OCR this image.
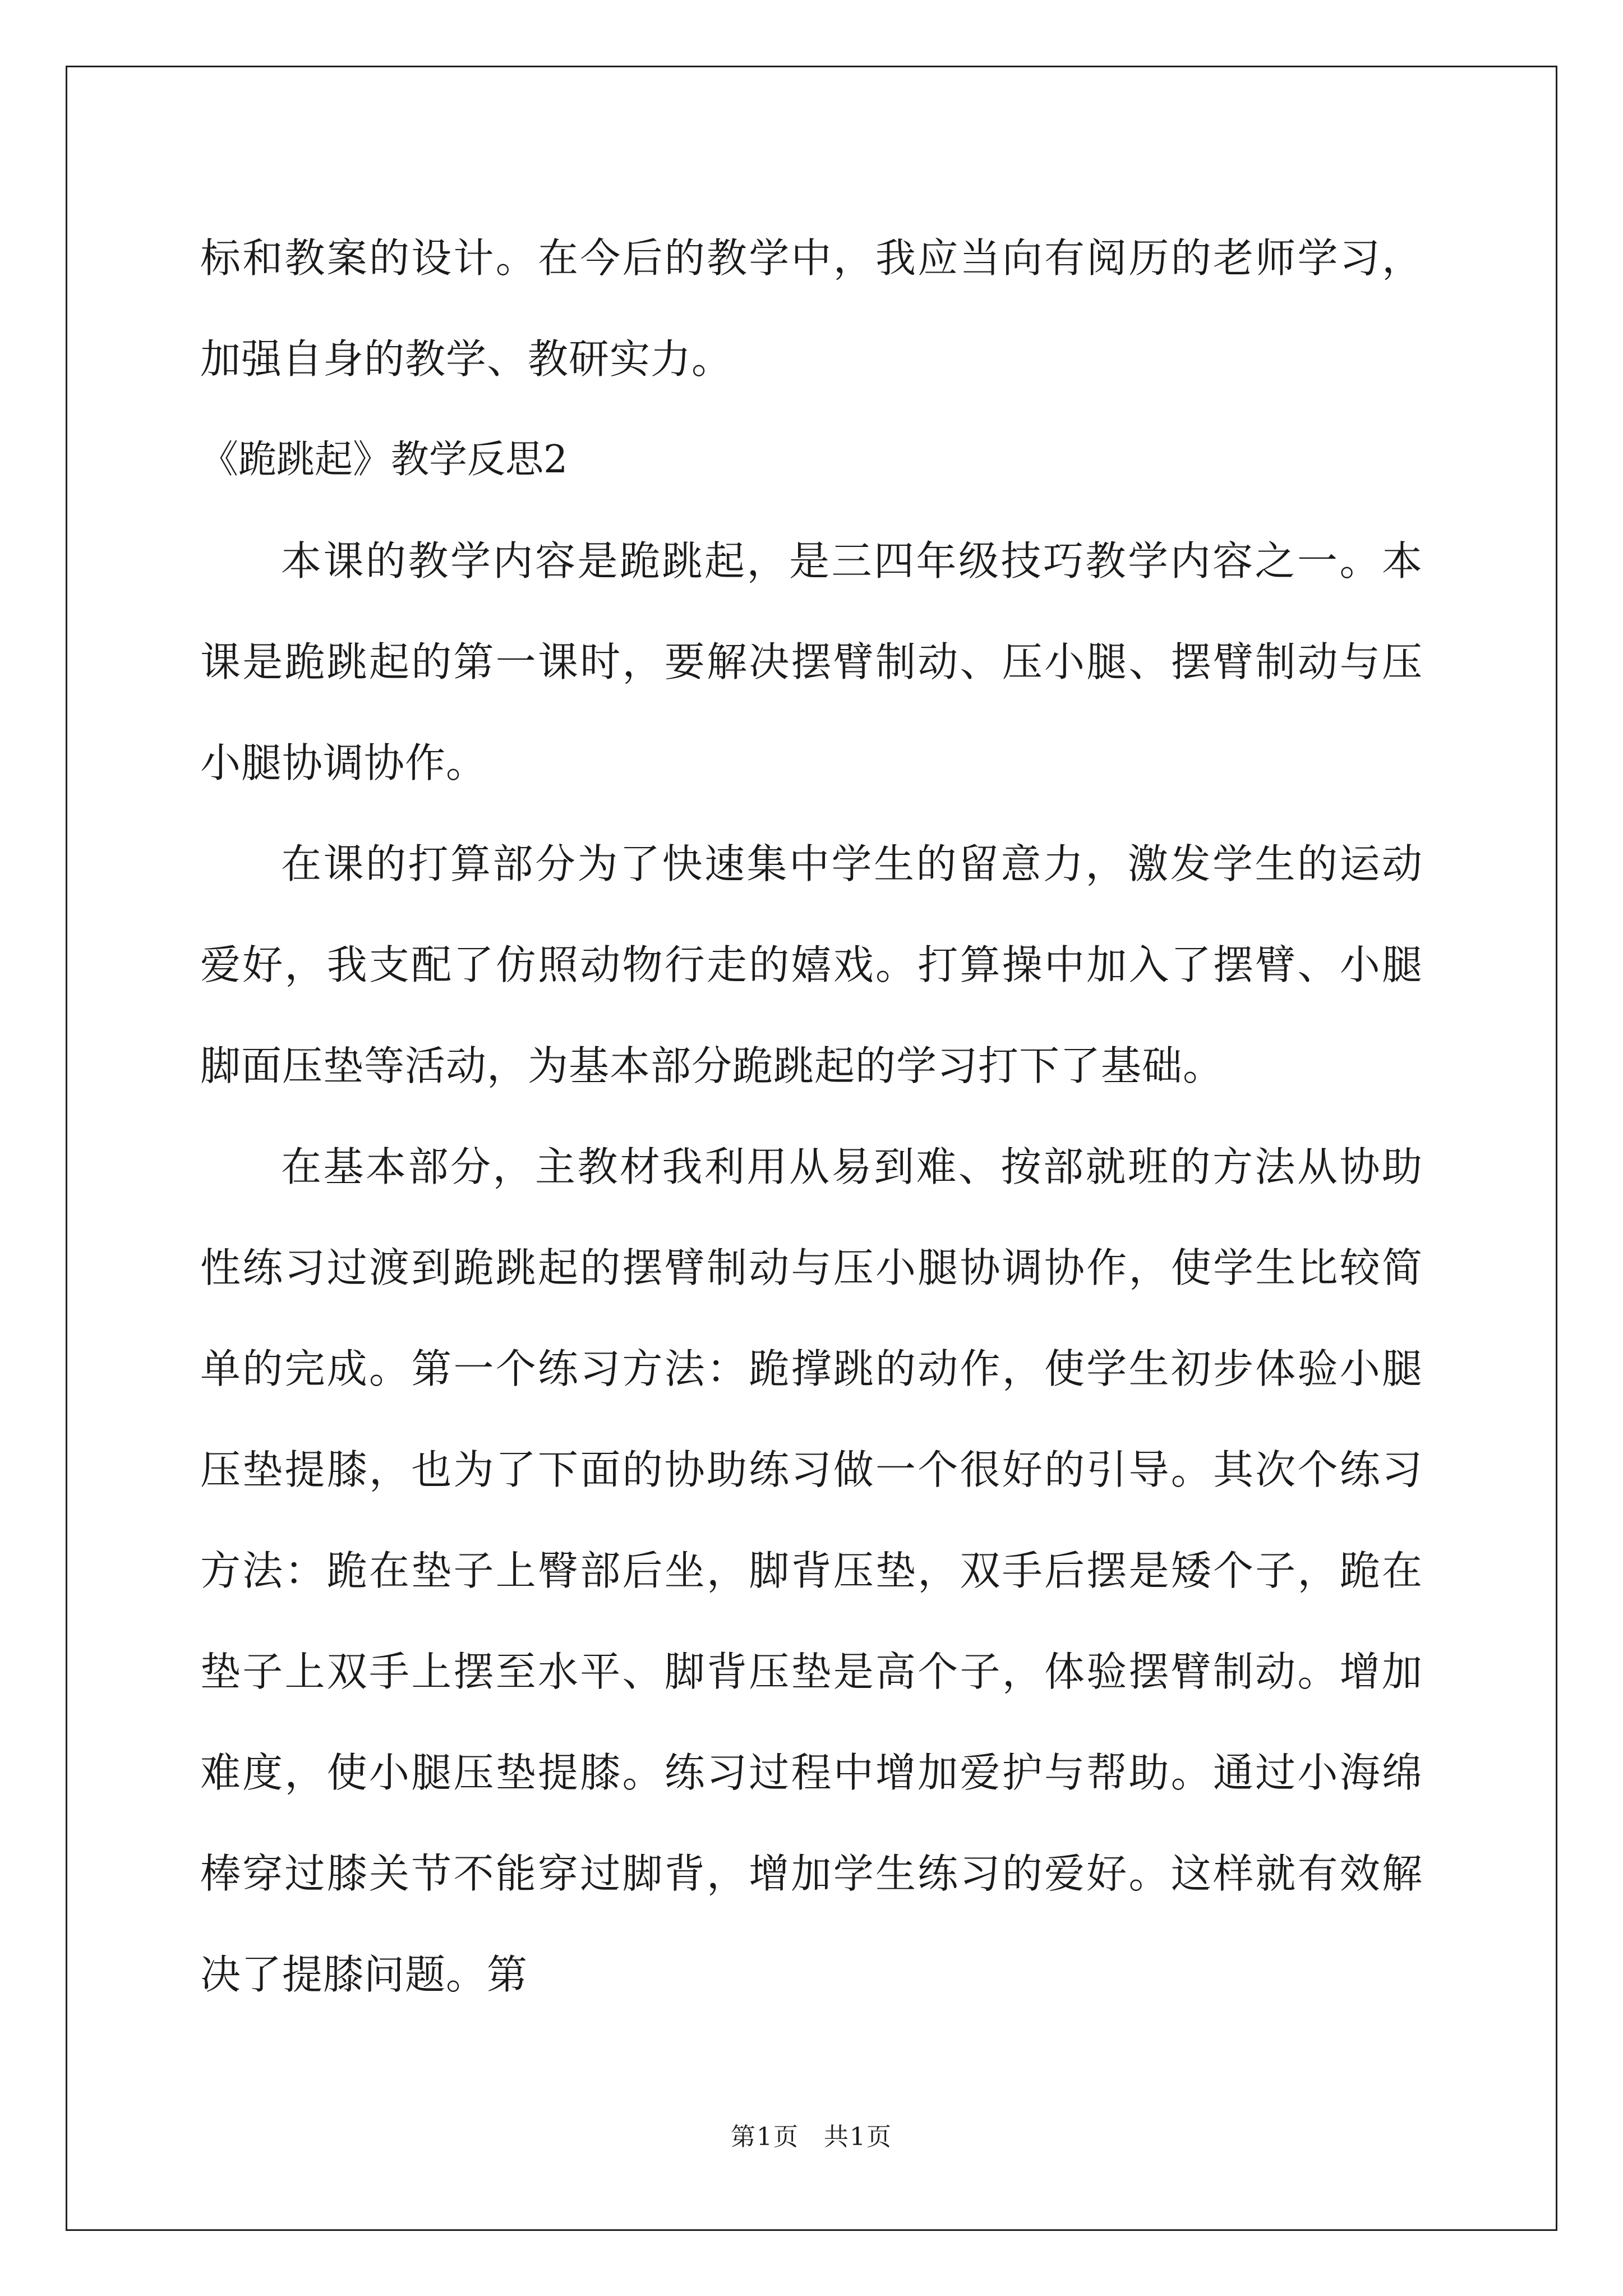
标和教案的设计。在今后的教学中，我应当向有阅历的老师学习，加强自身的教学、教研实力。

《跪跳起》教学反思2

本课的教学内容是跪跳起，是三四年级技巧教学内容之一。本课是跪跳起的第一课时，要解决摆臂制动、压小腿、摆臂制动与压小腿协调协作。

在课的打算部分为了快速集中学生的留意力，激发学生的运动爱好，我支配了仿照动物行走的嬉戏。打算操中加入了摆臂、小腿脚面压垫等活动，为基本部分跪跳起的学习打下了基础。

在基本部分，主教材我利用从易到难、按部就班的方法从协助性练习过渡到跪跳起的摆臂制动与压小腿协调协作，使学生比较简单的完成。第一个练习方法：跪撑跳的动作，使学生初步体验小腿压垫提膝，也为了下面的协助练习做一个很好的引导。其次个练习方法：跪在垫子上臀部后坐，脚背压垫，双手后摆是矮个子，跪在垫子上双手上摆至水平、脚背压垫是高个子，体验摆臂制动。增加难度，使小腿压垫提膝。练习过程中增加爱护与帮助。通过小海绵棒穿过膝关节不能穿过脚背，增加学生练习的爱好。这样就有效解决了提膝问题。第

第1页 共1页
